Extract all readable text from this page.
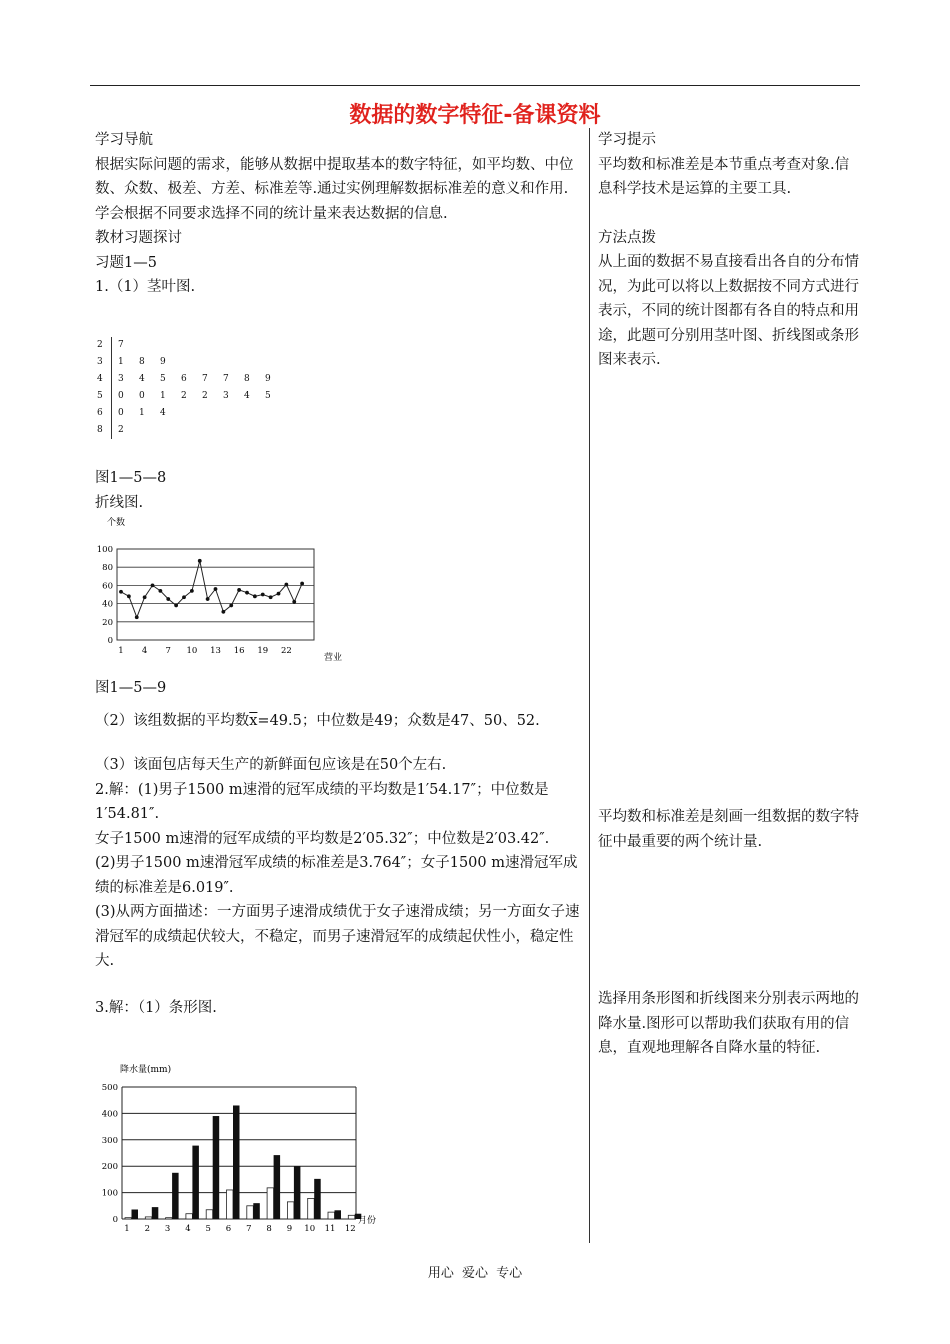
数据的数字特征-备课资料

学习导航

根据实际问题的需求，能够从数据中提取基本的数字特征，如平均数、中位数、众数、极差、方差、标准差等.通过实例理解数据标准差的意义和作用.学会根据不同要求选择不同的统计量来表达数据的信息.

教材习题探讨

习题1—5

1.（1）茎叶图.

2	7
3	1	8	9
4	3	4	5	6	7	7	8	9
5	0	0	1	2	2	3	4	5
6	0	1	4
8	2

图1—5—8

折线图.

个数
0
20
40
60
80
100
1 4 7 10 13 16 19 22
营业

图1—5—9

（2）该组数据的平均数$\overline{x}=49.5$；中位数是49；众数是47、50、52.

（3）该面包店每天生产的新鲜面包应该是在50个左右.

2.解：(1)男子1500 m速滑的冠军成绩的平均数是1′54.17″；中位数是1′54.81″.

女子1500 m速滑的冠军成绩的平均数是2′05.32″；中位数是2′03.42″.

(2)男子1500 m速滑冠军成绩的标准差是3.764″；女子1500 m速滑冠军成绩的标准差是6.019″.

(3)从两方面描述：一方面男子速滑成绩优于女子速滑成绩；另一方面女子速滑冠军的成绩起伏较大，不稳定，而男子速滑冠军的成绩起伏性小，稳定性大.

3.解：（1）条形图.

降水量(mm)
0
100
200
300
400
500
1 2 3 4 5 6 7 8 9 10 11 12
月份

学习提示

平均数和标准差是本节重点考查对象.信息科学技术是运算的主要工具.

方法点拨

从上面的数据不易直接看出各自的分布情况，为此可以将以上数据按不同方式进行表示，不同的统计图都有各自的特点和用途，此题可分别用茎叶图、折线图或条形图来表示.

平均数和标准差是刻画一组数据的数字特征中最重要的两个统计量.

选择用条形图和折线图来分别表示两地的降水量.图形可以帮助我们获取有用的信息，直观地理解各自降水量的特征.

用心 爱心 专心
